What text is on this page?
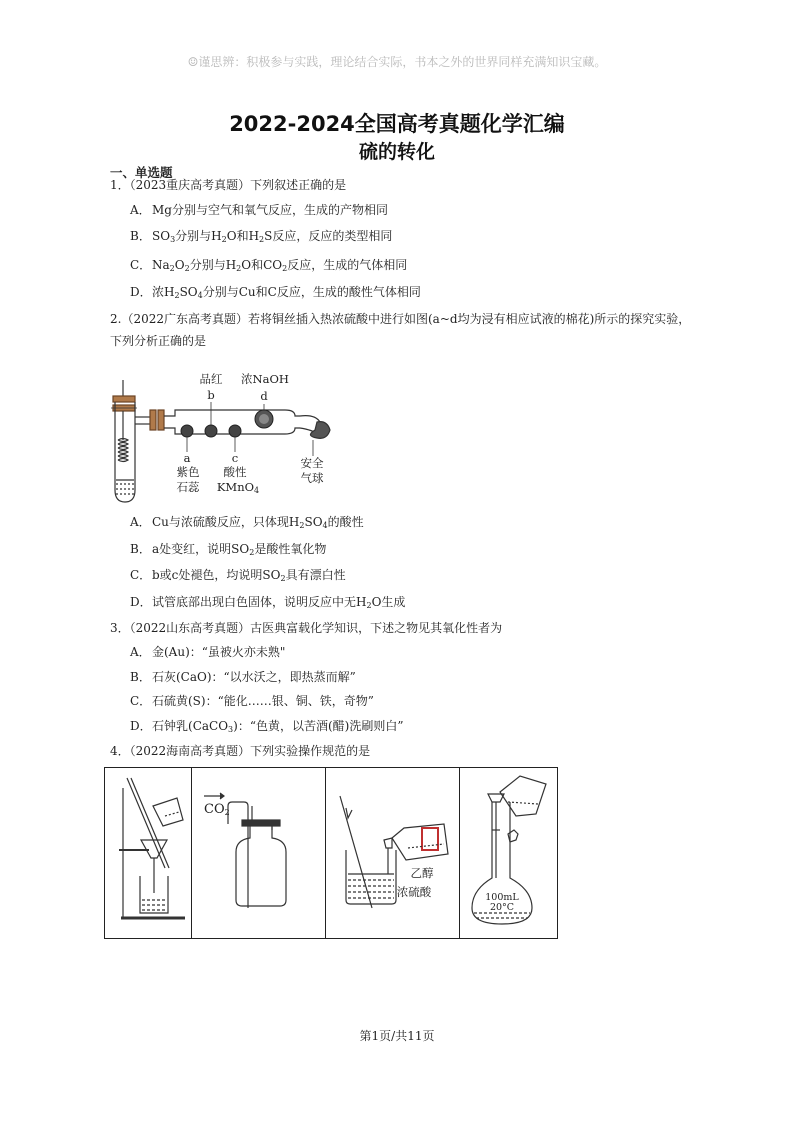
☺谨思辨：积极参与实践，理论结合实际，书本之外的世界同样充满知识宝藏。
2022-2024全国高考真题化学汇编
硫的转化
一、单选题
1．（2023重庆高考真题）下列叙述正确的是
A．Mg分别与空气和氧气反应，生成的产物相同
B．$SO_3$分别与$H_2O$和$H_2S$反应，反应的类型相同
C．$Na_2O_2$分别与$H_2O$和$CO_2$反应，生成的气体相同
D．浓$H_2SO_4$分别与Cu和C反应，生成的酸性气体相同
2.（2022广东高考真题）若将铜丝插入热浓硫酸中进行如图(a~d均为浸有相应试液的棉花)所示的探究实验，
下列分析正确的是
品红
b
浓NaOH
d
a
紫色
石蕊
c
酸性
KMnO$_4$
安全
气球
A．Cu与浓硫酸反应，只体现$H_2SO_4$的酸性
B．a处变红，说明$SO_2$是酸性氧化物
C．b或c处褪色，均说明$SO_2$具有漂白性
D．试管底部出现白色固体，说明反应中无$H_2O$生成
3．（2022山东高考真题）古医典富载化学知识，下述之物见其氧化性者为
A．金(Au)：“虽被火亦未熟"
B．石灰(CaO)：“以水沃之，即热蒸而解”
C．石硫黄(S)：“能化……银、铜、铁，奇物”
D．石钟乳(CaCO$_3$)：“色黄，以苦酒(醋)洗刷则白”
4．（2022海南高考真题）下列实验操作规范的是
$CO_2$
乙醇
浓硫酸	100mL
20°C
第1页/共11页
